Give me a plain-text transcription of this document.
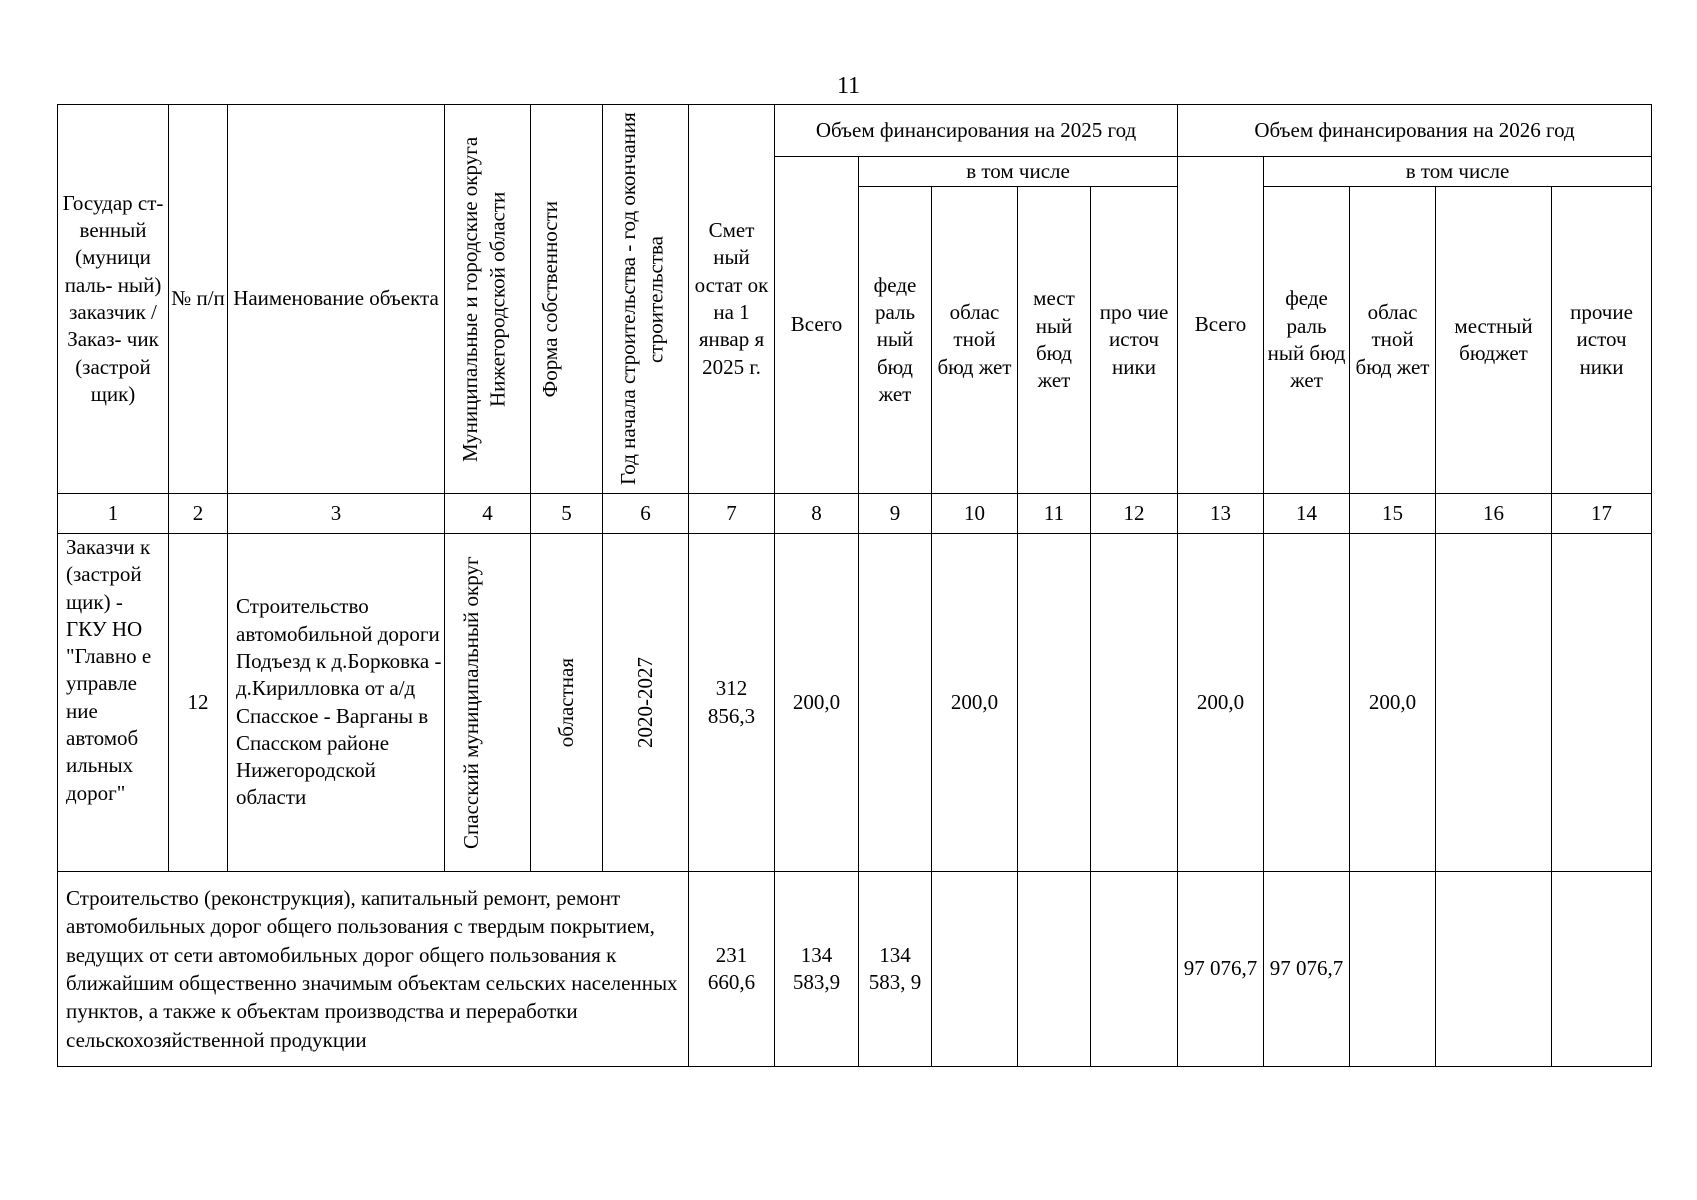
11
Государ ст- венный (муници паль- ный) заказчик / Заказ- чик (застрой щик)	№ п/п	Наименование объекта	Муниципальные и городские округа Нижегородской области	Форма собственности	Год начала строительства - год окончания строительства	Смет ный остат ок на 1 январ я 2025 г.	Объем финансирования на 2025 год					Объем финансирования на 2026 год				
							Всего	в том числе				Всего	в том числе			
								феде раль ный бюд жет	облас тной бюд жет	мест ный бюд жет	про чие источ ники		феде раль ный бюд жет	облас тной бюд жет	местный бюджет	прочие источ ники
1	2	3	4	5	6	7	8	9	10	11	12	13	14	15	16	17
Заказчи к (застрой щик) - ГКУ НО "Главно е управле ние автомоб ильных дорог"	12	Строительство автомобильной дороги Подъезд к д.Борковка - д.Кирилловка от а/д Спасское - Варганы в Спасском районе Нижегородской области	Спасский муниципальный округ	областная	2020-2027	312 856,3	200,0		200,0			200,0		200,0		
Строительство (реконструкция), капитальный ремонт, ремонт автомобильных дорог общего пользования с твердым покрытием, ведущих от сети автомобильных дорог общего пользования к ближайшим общественно значимым объектам сельских населенных пунктов, а также к объектам производства и переработки сельскохозяйственной продукции						231 660,6	134 583,9	134 583, 9				97 076,7	97 076,7			
